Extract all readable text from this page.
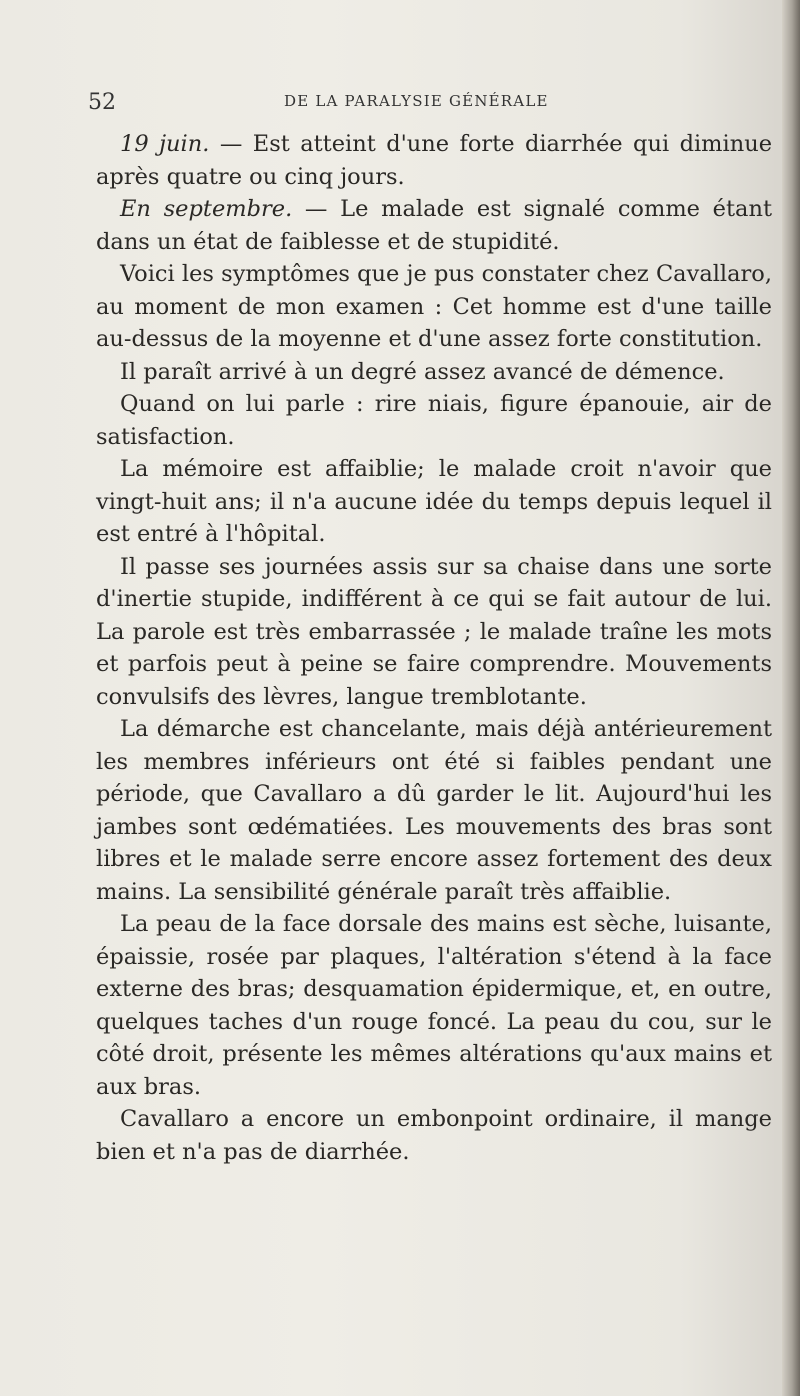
52	DE LA PARALYSIE GÉNÉRALE

19 juin. — Est atteint d'une forte diarrhée qui diminue après quatre ou cinq jours.

En septembre. — Le malade est signalé comme étant dans un état de faiblesse et de stupidité.

Voici les symptômes que je pus constater chez Cavallaro, au moment de mon examen : Cet homme est d'une taille au-dessus de la moyenne et d'une assez forte constitution.

Il paraît arrivé à un degré assez avancé de démence.

Quand on lui parle : rire niais, figure épanouie, air de satisfaction.

La mémoire est affaiblie; le malade croit n'avoir que vingt-huit ans; il n'a aucune idée du temps depuis lequel il est entré à l'hôpital.

Il passe ses journées assis sur sa chaise dans une sorte d'inertie stupide, indifférent à ce qui se fait autour de lui. La parole est très embarrassée ; le malade traîne les mots et parfois peut à peine se faire comprendre. Mouvements convulsifs des lèvres, langue tremblotante.

La démarche est chancelante, mais déjà antérieurement les membres inférieurs ont été si faibles pendant une période, que Cavallaro a dû garder le lit. Aujourd'hui les jambes sont œdématiées. Les mouvements des bras sont libres et le malade serre encore assez fortement des deux mains. La sensibilité générale paraît très affaiblie.

La peau de la face dorsale des mains est sèche, luisante, épaissie, rosée par plaques, l'altération s'étend à la face externe des bras; desquamation épidermique, et, en outre, quelques taches d'un rouge foncé. La peau du cou, sur le côté droit, présente les mêmes altérations qu'aux mains et aux bras.

Cavallaro a encore un embonpoint ordinaire, il mange bien et n'a pas de diarrhée.
